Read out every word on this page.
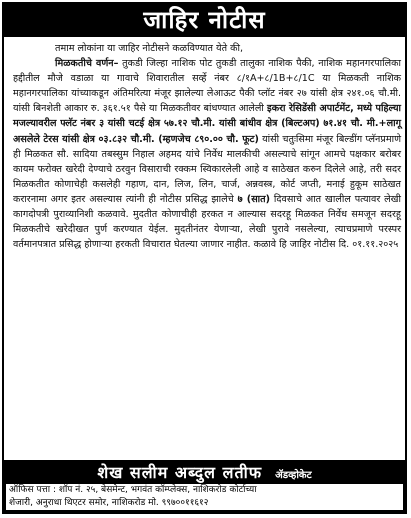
जाहिर नोटीस

तमाम लोकांना या जाहिर नोटीसने कळविण्यात येते की,

मिळकतीचे वर्णन– तुकडी जिल्हा नाशिक पोट तुकडी तालुका नाशिक पैकी, नाशिक महानगरपालिका हद्दीतील मौजे वडाळा या गावाचे शिवारातील सर्व्हे नंबर ८/१A+८/1B+८/1C या मिळकती नाशिक महानगरपालिका यांच्याकडून अंतिमरित्या मंजूर झालेल्या लेआऊट पैकी प्लॉट नंबर २७ यांसी क्षेत्र २४१.०६ चौ.मी. यांसी बिनशेती आकार रु. ३६१.५१ पैसे या मिळकतीवर बांधण्यात आलेली इकरा रेसिडेंसी अपार्टमेंट, मध्ये पहिल्या मजल्यावरील फ्लॅट नंबर ३ यांसी चटई क्षेत्र ५७.१२ चौ.मी. यांसी बांधीव क्षेत्र (बिल्टअप) ७१.४१ चौ. मी.+लागू असलेले टेरस यांसी क्षेत्र ०३.८३२ चौ.मी. (म्हणजेच ८९०.०० चौ. फूट) यांसी चतुःसिमा मंजूर बिल्डींग प्लॅनप्रमाणे ही मिळकत सौ. सादिया तबस्सुम निहाल अहमद यांचे निर्वेध मालकीची असल्याचे सांगून आमचे पक्षकार बरोबर कायम फरोक्त खरेदी देण्याचे ठरवुन विसाराची रक्कम स्विकारलेली आहे व साठेखत करुन दिलेले आहे, तरी सदर मिळकतीत कोणाचेही कसलेही गहाण, दान, लिज, लिन, चार्ज, अन्नवस्त्र, कोर्ट जप्ती, मनाई हुकूम साठेखत करारनामा अगर इतर असल्यास त्यांनी ही नोटीस प्रसिद्ध झालेचे ७ (सात) दिवसाचे आत खालील पत्यावर लेखी कागदोपत्री पुराव्यानिशी कळवावे. मुदतीत कोणाचीही हरकत न आल्यास सदरहू मिळकत निर्वेध समजून सदरहू मिळकतीचे खरेदीखत पुर्ण करण्यात येईल. मुदतीनंतर येणाऱ्या, लेखी पुरावे नसलेल्या, त्याचप्रमाणे परस्पर वर्तमानपत्रात प्रसिद्ध होणाऱ्या हरकती विचारात घेतल्या जाणार नाहीत. कळावे हि जाहिर नोटीस दि. ०१.११.२०२५

शेख सलीम अब्दुल लतीफ ॲडव्होकेट
ऑफिस पत्ता : शॉप नं. २५, बेसमेन्ट, भगवंत कॉम्प्लेक्स, नाशिकरोड कोर्टाच्या
शेजारी, अनुराधा थिएटर समोर, नाशिकरोड मो. ९९७००११६१२
